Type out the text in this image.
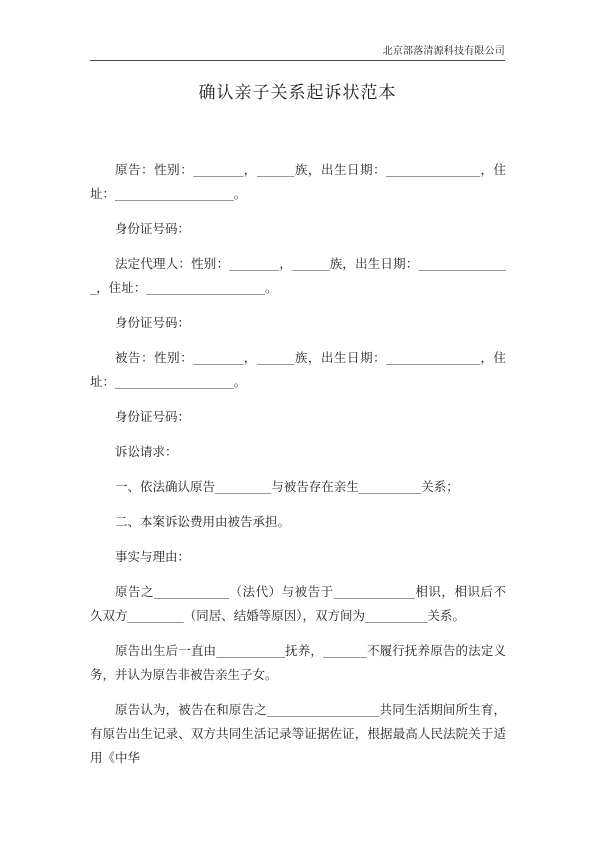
北京部落清源科技有限公司
确认亲子关系起诉状范本

原告：性别：________，______族，出生日期：_______________，住址：___________________。

身份证号码：

法定代理人：性别：________，______族，出生日期：_______________，住址：___________________。

身份证号码：

被告：性别：________，______族，出生日期：_______________，住址：___________________。

身份证号码：

诉讼请求：

一、依法确认原告_________与被告存在亲生__________关系；

二、本案诉讼费用由被告承担。

事实与理由：

原告之____________（法代）与被告于_____________相识，相识后不久双方_________（同居、结婚等原因），双方间为__________关系。

原告出生后一直由___________抚养，_______不履行抚养原告的法定义务，并认为原告非被告亲生子女。

原告认为，被告在和原告之__________________共同生活期间所生育，有原告出生记录、双方共同生活记录等证据佐证，根据最高人民法院关于适用《中华
